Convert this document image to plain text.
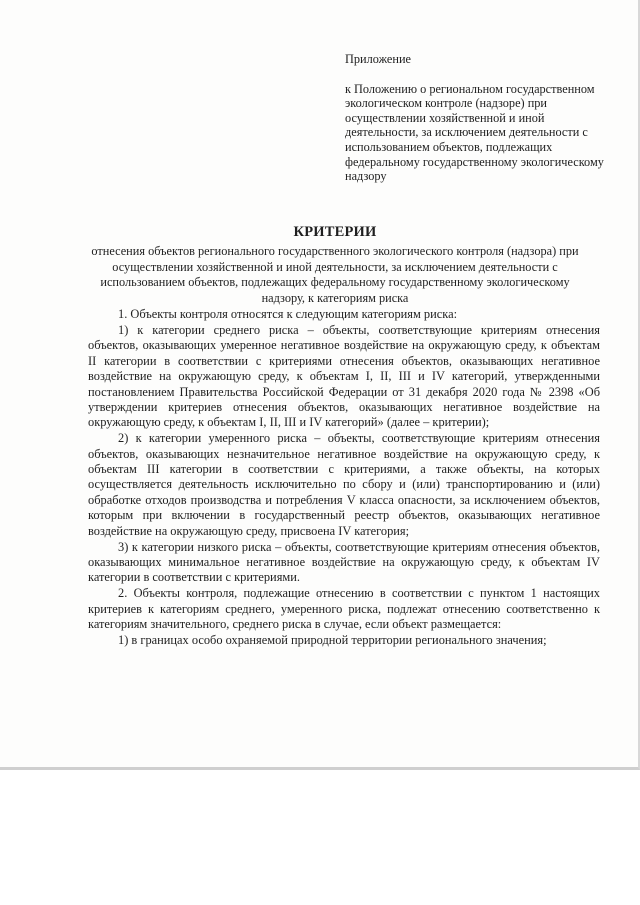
Приложение

к Положению о региональном государственном экологическом контроле (надзоре) при осуществлении хозяйственной и иной деятельности, за исключением деятельности с использованием объектов, подлежащих федеральному государственному экологическому надзору

КРИТЕРИИ

отнесения объектов регионального государственного экологического контроля (надзора) при осуществлении хозяйственной и иной деятельности, за исключением деятельности с использованием объектов, подлежащих федеральному государственному экологическому надзору, к категориям риска

1. Объекты контроля относятся к следующим категориям риска:

1) к категории среднего риска – объекты, соответствующие критериям отнесения объектов, оказывающих умеренное негативное воздействие на окружающую среду, к объектам II категории в соответствии с критериями отнесения объектов, оказывающих негативное воздействие на окружающую среду, к объектам I, II, III и IV категорий, утвержденными постановлением Правительства Российской Федерации от 31 декабря 2020 года № 2398 «Об утверждении критериев отнесения объектов, оказывающих негативное воздействие на окружающую среду, к объектам I, II, III и IV категорий» (далее – критерии);

2) к категории умеренного риска – объекты, соответствующие критериям отнесения объектов, оказывающих незначительное негативное воздействие на окружающую среду, к объектам III категории в соответствии с критериями, а также объекты, на которых осуществляется деятельность исключительно по сбору и (или) транспортированию и (или) обработке отходов производства и потребления V класса опасности, за исключением объектов, которым при включении в государственный реестр объектов, оказывающих негативное воздействие на окружающую среду, присвоена IV категория;

3) к категории низкого риска – объекты, соответствующие критериям отнесения объектов, оказывающих минимальное негативное воздействие на окружающую среду, к объектам IV категории в соответствии с критериями.

2. Объекты контроля, подлежащие отнесению в соответствии с пунктом 1 настоящих критериев к категориям среднего, умеренного риска, подлежат отнесению соответственно к категориям значительного, среднего риска в случае, если объект размещается:

1) в границах особо охраняемой природной территории регионального значения;
